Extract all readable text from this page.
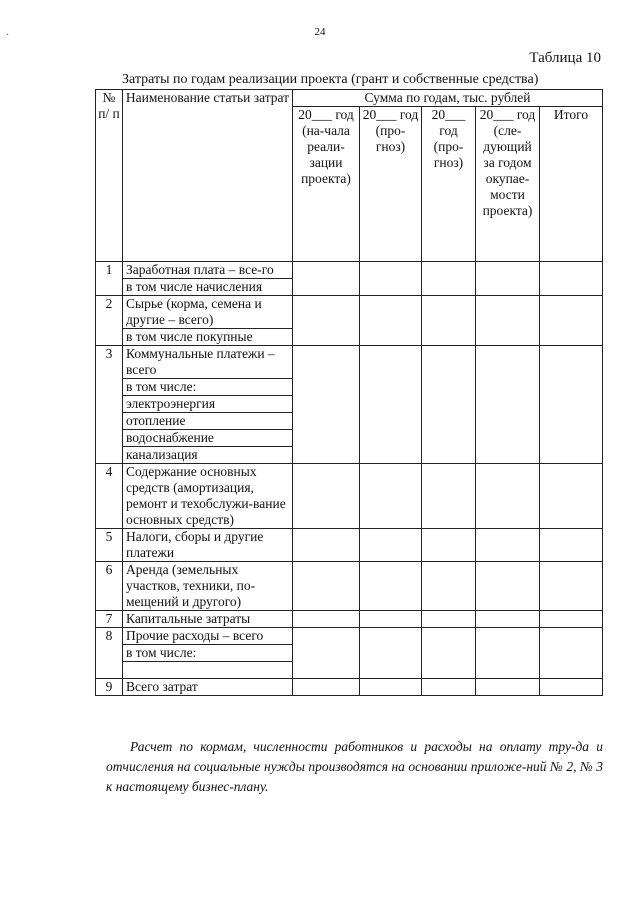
·	24
Таблица 10
Затраты по годам реализации проекта (грант и собственные средства)
№ п/ п	Наименование статьи затрат	Сумма по годам, тыс. рублей				
		20___ год (на-чала реали-зации проекта)	20___ год (про-гноз)	20___ год (про-гноз)	20___ год (сле-дующий за годом окупае-мости проекта)	Итого
1	Заработная плата – все-го					
	в том числе начисления					
2	Сырье (корма, семена и другие – всего)					
	в том числе покупные					
3	Коммунальные платежи – всего					
	в том числе:					
	электроэнергия					
	отопление					
	водоснабжение					
	канализация					
4	Содержание основных средств (амортизация, ремонт и техобслужи-вание основных средств)					
5	Налоги, сборы и другие платежи					
6	Аренда (земельных участков, техники, по-мещений и другого)					
7	Капитальные затраты					
8	Прочие расходы – всего					
	в том числе:					

9	Всего затрат					
Расчет по кормам, численности работников и расходы на оплату тру-да и отчисления на социальные нужды производятся на основании приложе-ний № 2, № 3 к настоящему бизнес-плану.
